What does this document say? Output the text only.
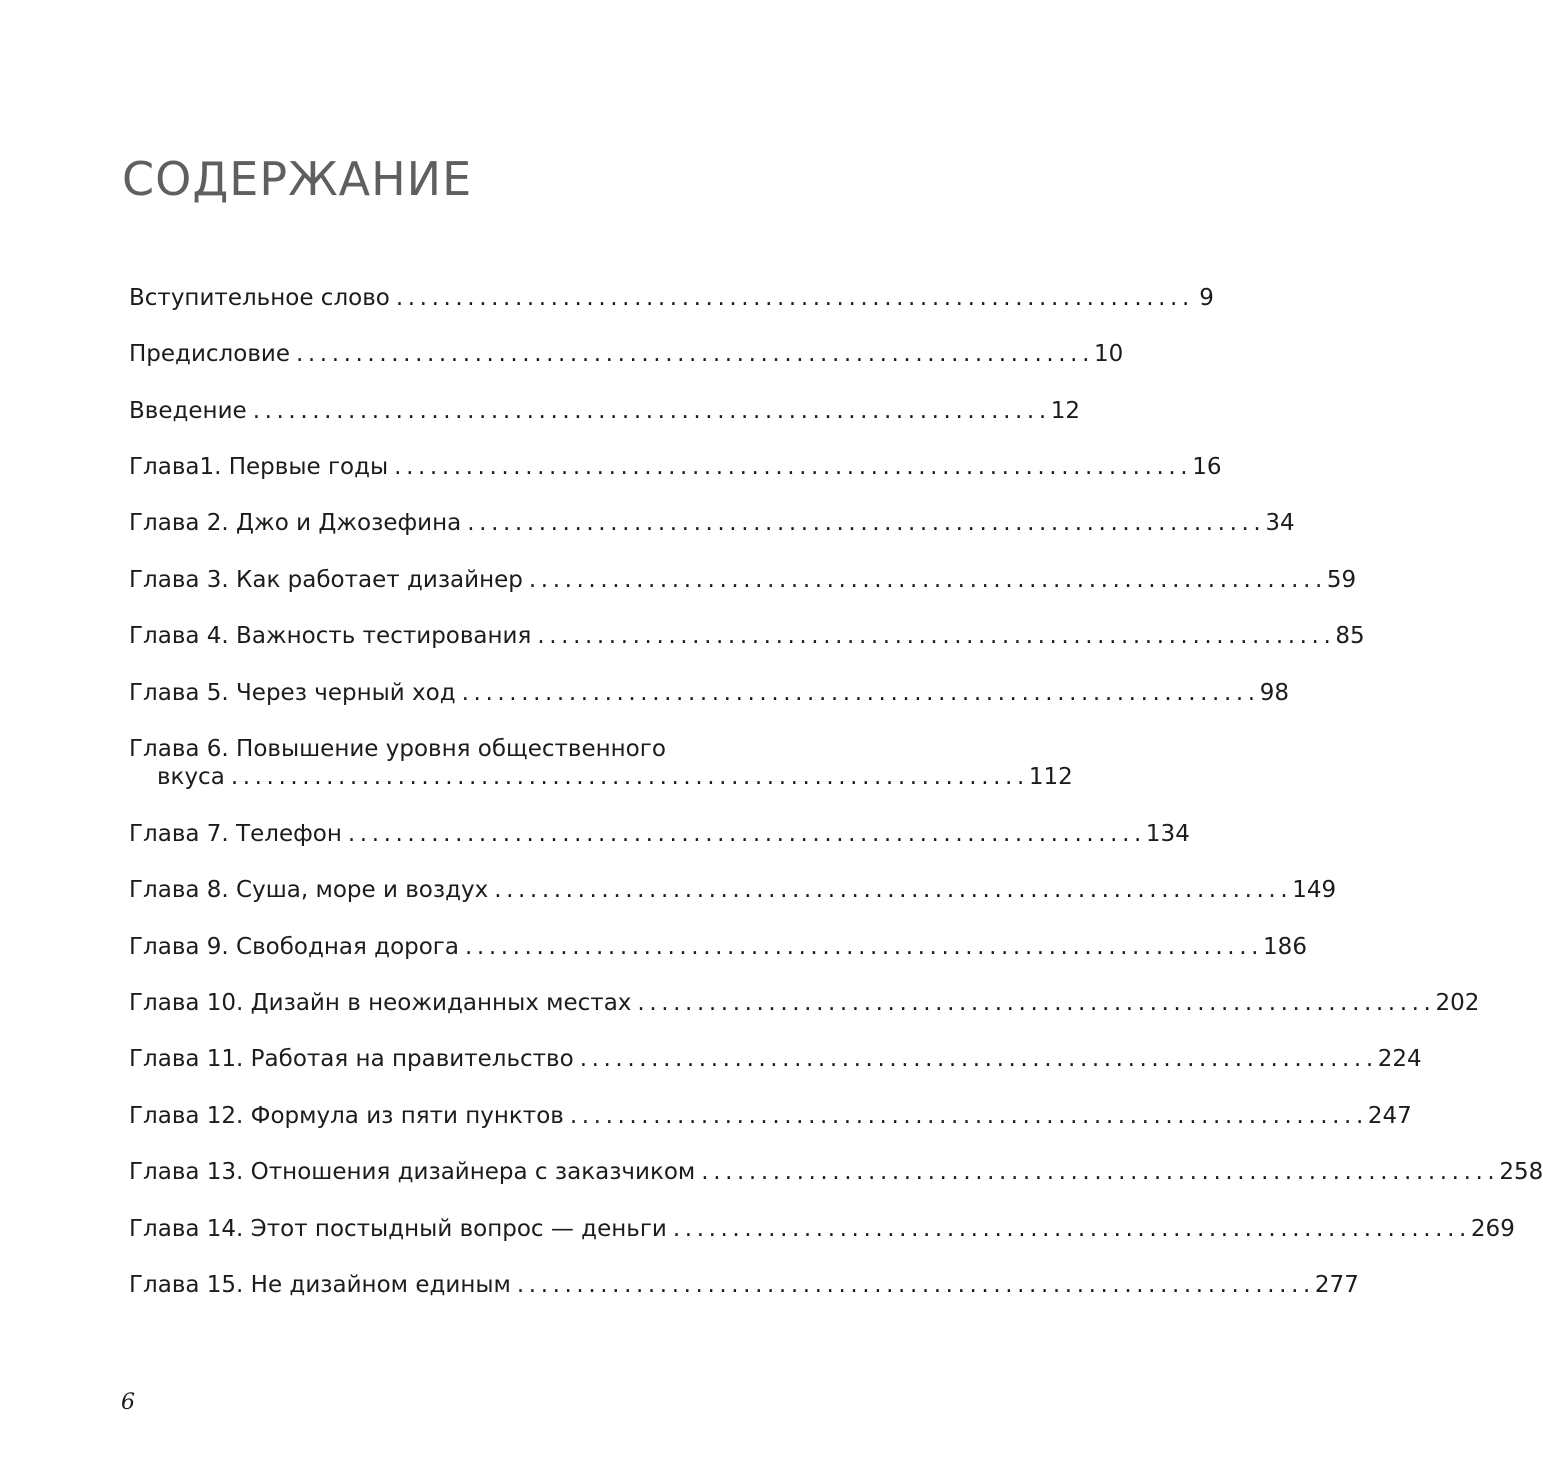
СОДЕРЖАНИЕ
Вступительное слово ................................................................... 9
Предисловие ................................................................... 10
Введение ................................................................... 12
Глава1. Первые годы ................................................................... 16
Глава 2. Джо и Джозефина ................................................................... 34
Глава 3. Как работает дизайнер ................................................................... 59
Глава 4. Важность тестирования ................................................................... 85
Глава 5. Через черный ход ................................................................... 98
Глава 6. Повышение уровня общественного
вкуса ................................................................... 112
Глава 7. Телефон ................................................................... 134
Глава 8. Суша, море и воздух ................................................................... 149
Глава 9. Свободная дорога ................................................................... 186
Глава 10. Дизайн в неожиданных местах ................................................................... 202
Глава 11. Работая на правительство ................................................................... 224
Глава 12. Формула из пяти пунктов ................................................................... 247
Глава 13. Отношения дизайнера с заказчиком ................................................................... 258
Глава 14. Этот постыдный вопрос — деньги ................................................................... 269
Глава 15. Не дизайном единым ................................................................... 277
6
